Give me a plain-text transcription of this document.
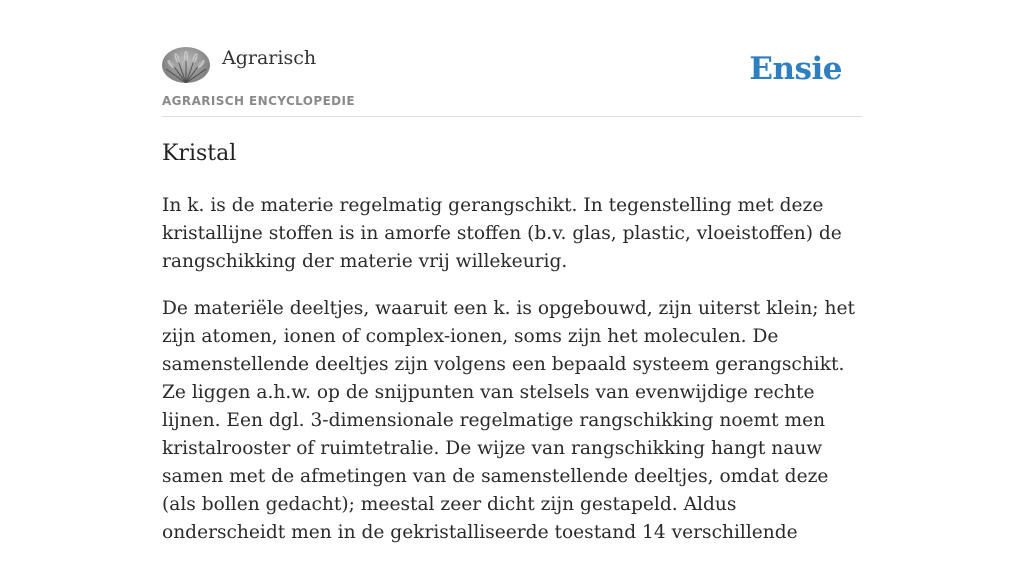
Agrarisch
AGRARISCH ENCYCLOPEDIE
Ensie
Kristal

In k. is de materie regelmatig gerangschikt. In tegenstelling met deze kristallijne stoffen is in amorfe stoffen (b.v. glas, plastic, vloeistoffen) de rangschikking der materie vrij willekeurig.

De materiële deeltjes, waaruit een k. is opgebouwd, zijn uiterst klein; het zijn atomen, ionen of complex-ionen, soms zijn het moleculen. De samenstellende deeltjes zijn volgens een bepaald systeem gerangschikt. Ze liggen a.h.w. op de snijpunten van stelsels van evenwijdige rechte lijnen. Een dgl. 3-dimensionale regelmatige rangschikking noemt men kristalrooster of ruimtetralie. De wijze van rangschikking hangt nauw samen met de afmetingen van de samenstellende deeltjes, omdat deze (als bollen gedacht); meestal zeer dicht zijn gestapeld. Aldus onderscheidt men in de gekristalliseerde toestand 14 verschillende
